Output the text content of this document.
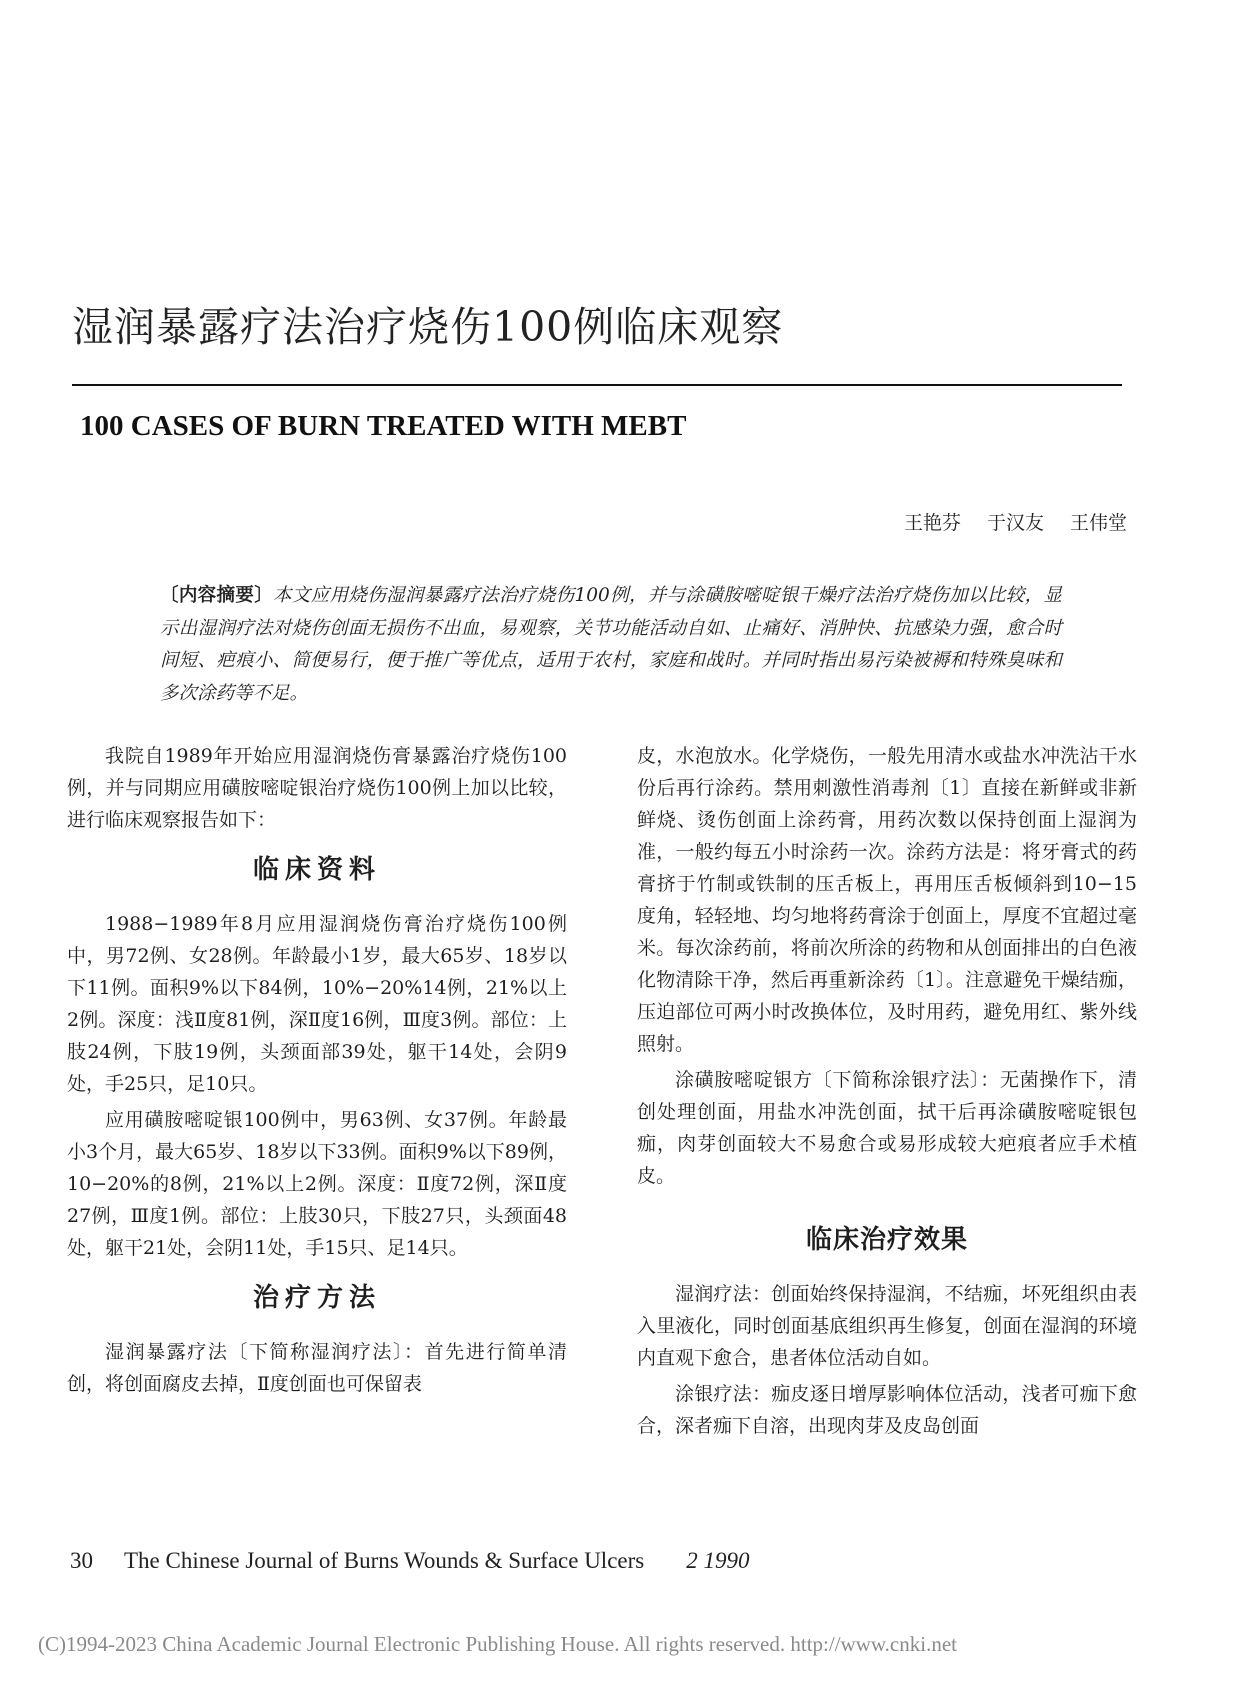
湿润暴露疗法治疗烧伤100例临床观察
100 CASES OF BURN TREATED WITH MEBT
王艳芬 于汉友 王伟堂

〔内容摘要〕本文应用烧伤湿润暴露疗法治疗烧伤100例，并与涂磺胺嘧啶银干燥疗法治疗烧伤加以比较，显示出湿润疗法对烧伤创面无损伤不出血，易观察，关节功能活动自如、止痛好、消肿快、抗感染力强，愈合时间短、疤痕小、简便易行，便于推广等优点，适用于农村，家庭和战时。并同时指出易污染被褥和特殊臭味和多次涂药等不足。

我院自1989年开始应用湿润烧伤膏暴露治疗烧伤100例，并与同期应用磺胺嘧啶银治疗烧伤100例上加以比较，进行临床观察报告如下：

临床资料

1988−1989年8月应用湿润烧伤膏治疗烧伤100例中，男72例、女28例。年龄最小1岁，最大65岁、18岁以下11例。面积9%以下84例，10%−20%14例，21%以上2例。深度：浅Ⅱ度81例，深Ⅱ度16例，Ⅲ度3例。部位：上肢24例，下肢19例，头颈面部39处，躯干14处，会阴9处，手25只，足10只。

应用磺胺嘧啶银100例中，男63例、女37例。年龄最小3个月，最大65岁、18岁以下33例。面积9%以下89例，10−20%的8例，21%以上2例。深度：Ⅱ度72例，深Ⅱ度27例，Ⅲ度1例。部位：上肢30只，下肢27只，头颈面48处，躯干21处，会阴11处，手15只、足14只。

治疗方法

湿润暴露疗法〔下简称湿润疗法〕：首先进行简单清创，将创面腐皮去掉，Ⅱ度创面也可保留表

皮，水泡放水。化学烧伤，一般先用清水或盐水冲洗沾干水份后再行涂药。禁用刺激性消毒剂〔1〕直接在新鲜或非新鲜烧、烫伤创面上涂药膏，用药次数以保持创面上湿润为准，一般约每五小时涂药一次。涂药方法是：将牙膏式的药膏挤于竹制或铁制的压舌板上，再用压舌板倾斜到10−15度角，轻轻地、均匀地将药膏涂于创面上，厚度不宜超过毫米。每次涂药前，将前次所涂的药物和从创面排出的白色液化物清除干净，然后再重新涂药〔1〕。注意避免干燥结痂，压迫部位可两小时改换体位，及时用药，避免用红、紫外线照射。

涂磺胺嘧啶银方〔下简称涂银疗法〕：无菌操作下，清创处理创面，用盐水冲洗创面，拭干后再涂磺胺嘧啶银包痂，肉芽创面较大不易愈合或易形成较大疤痕者应手术植皮。

临床治疗效果

湿润疗法：创面始终保持湿润，不结痂，坏死组织由表入里液化，同时创面基底组织再生修复，创面在湿润的环境内直观下愈合，患者体位活动自如。

涂银疗法：痂皮逐日增厚影响体位活动，浅者可痂下愈合，深者痂下自溶，出现肉芽及皮岛创面

30	The Chinese Journal of Burns Wounds & Surface Ulcers 2 1990
(C)1994-2023 China Academic Journal Electronic Publishing House. All rights reserved. http://www.cnki.net
